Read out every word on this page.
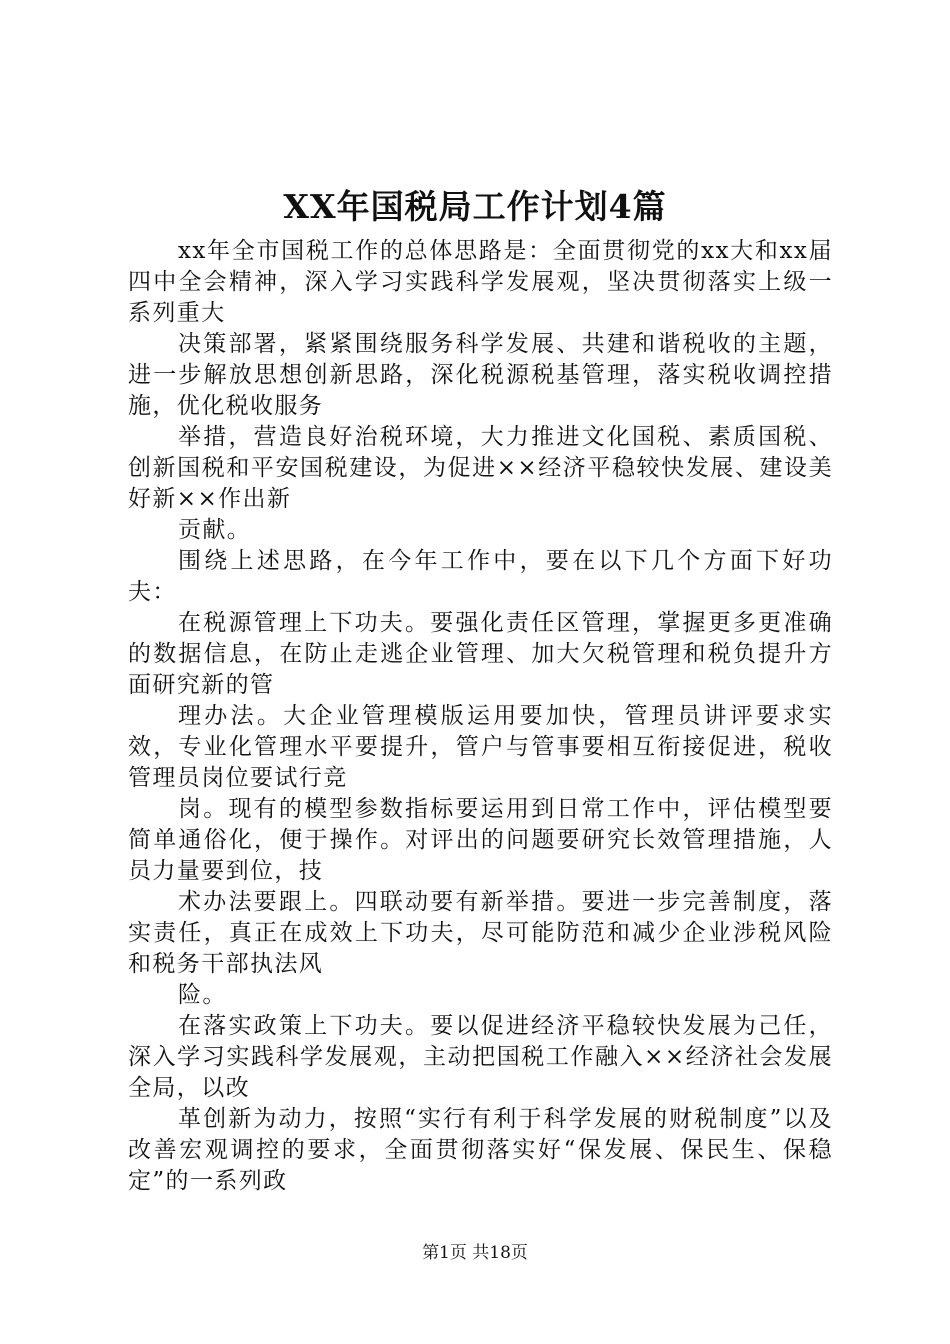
XX年国税局工作计划4篇

xx年全市国税工作的总体思路是：全面贯彻党的xx大和xx届四中全会精神，深入学习实践科学发展观，坚决贯彻落实上级一系列重大

决策部署，紧紧围绕服务科学发展、共建和谐税收的主题，进一步解放思想创新思路，深化税源税基管理，落实税收调控措施，优化税收服务

举措，营造良好治税环境，大力推进文化国税、素质国税、创新国税和平安国税建设，为促进××经济平稳较快发展、建设美好新××作出新

贡献。

围绕上述思路，在今年工作中，要在以下几个方面下好功夫：

在税源管理上下功夫。要强化责任区管理，掌握更多更准确的数据信息，在防止走逃企业管理、加大欠税管理和税负提升方面研究新的管

理办法。大企业管理模版运用要加快，管理员讲评要求实效，专业化管理水平要提升，管户与管事要相互衔接促进，税收管理员岗位要试行竞

岗。现有的模型参数指标要运用到日常工作中，评估模型要简单通俗化，便于操作。对评出的问题要研究长效管理措施，人员力量要到位，技

术办法要跟上。四联动要有新举措。要进一步完善制度，落实责任，真正在成效上下功夫，尽可能防范和减少企业涉税风险和税务干部执法风

险。

在落实政策上下功夫。要以促进经济平稳较快发展为己任，深入学习实践科学发展观，主动把国税工作融入××经济社会发展全局，以改

革创新为动力，按照“实行有利于科学发展的财税制度”以及改善宏观调控的要求，全面贯彻落实好“保发展、保民生、保稳定”的一系列政

第1页 共18页
